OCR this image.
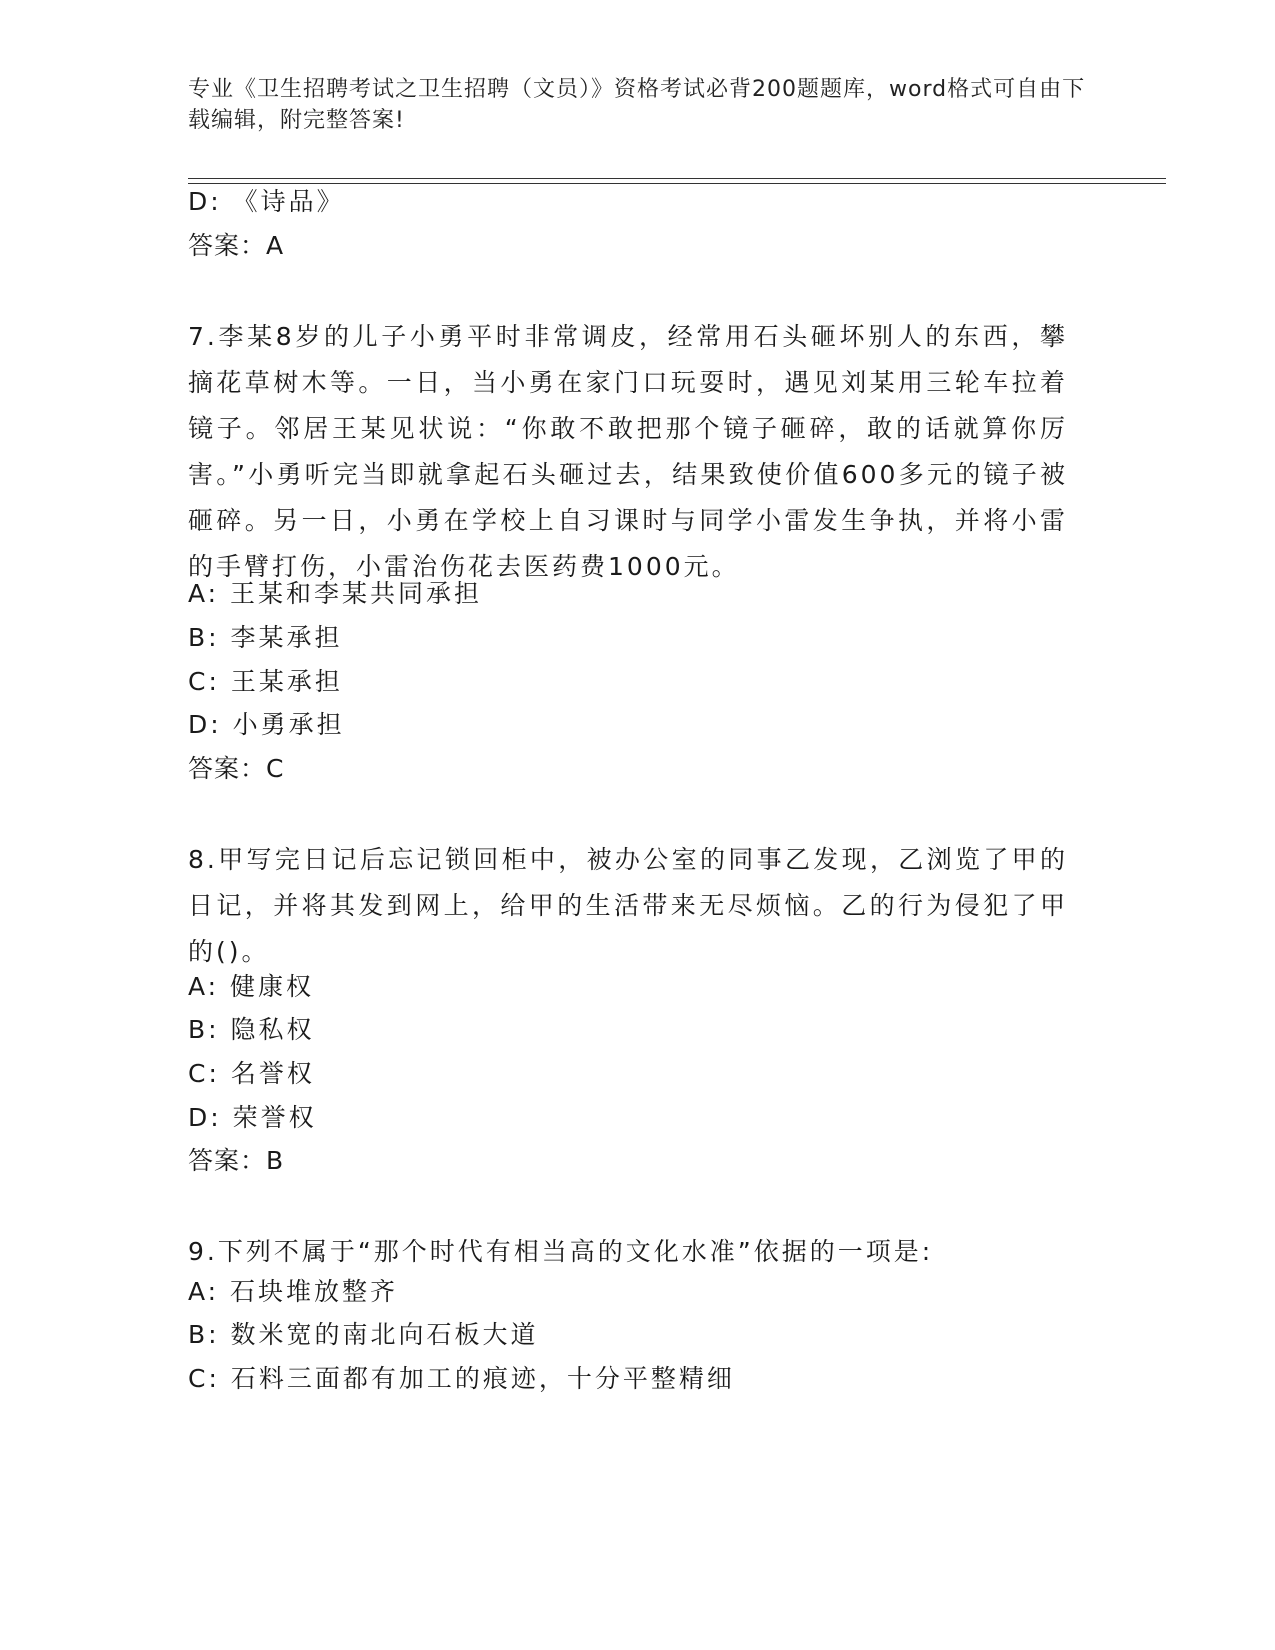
专业《卫生招聘考试之卫生招聘（文员）》资格考试必背200题题库，word格式可自由下载编辑，附完整答案!
D: 《诗品》
答案：A
7.李某8岁的儿子小勇平时非常调皮，经常用石头砸坏别人的东西，攀摘花草树木等。一日，当小勇在家门口玩耍时，遇见刘某用三轮车拉着镜子。邻居王某见状说：“你敢不敢把那个镜子砸碎，敢的话就算你厉害。”小勇听完当即就拿起石头砸过去，结果致使价值600多元的镜子被砸碎。另一日，小勇在学校上自习课时与同学小雷发生争执，并将小雷的手臂打伤，小雷治伤花去医药费1000元。
A: 王某和李某共同承担
B: 李某承担
C: 王某承担
D: 小勇承担
答案：C
8.甲写完日记后忘记锁回柜中，被办公室的同事乙发现，乙浏览了甲的日记，并将其发到网上，给甲的生活带来无尽烦恼。乙的行为侵犯了甲的()。
A: 健康权
B: 隐私权
C: 名誉权
D: 荣誉权
答案：B
9.下列不属于“那个时代有相当高的文化水准”依据的一项是:
A: 石块堆放整齐
B: 数米宽的南北向石板大道
C: 石料三面都有加工的痕迹，十分平整精细
